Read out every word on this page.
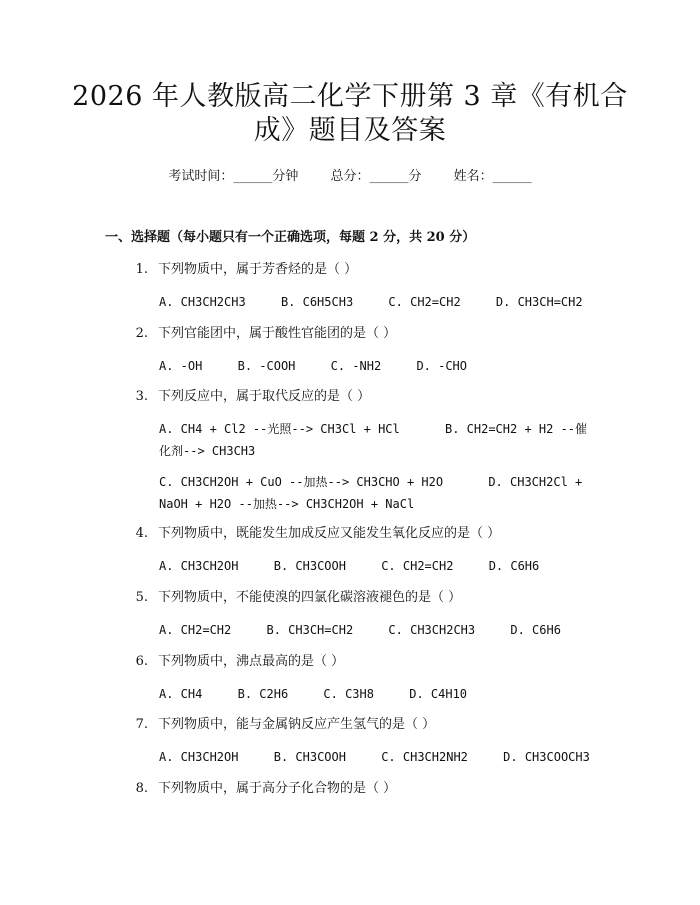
2026 年人教版高二化学下册第 3 章《有机合
成》题目及答案
考试时间：______分钟 总分：______分 姓名：______
一、选择题（每小题只有一个正确选项，每题 2 分，共 20 分）
1. 下列物质中，属于芳香烃的是（ ）
A. CH3CH2CH3	B. C6H5CH3	C. CH2=CH2	D. CH3CH=CH2
2. 下列官能团中，属于酸性官能团的是（ ）
A. -OH	B. -COOH	C. -NH2	D. -CHO
3. 下列反应中，属于取代反应的是（ ）
A. CH4 + Cl2 --光照--> CH3Cl + HCl	B. CH2=CH2 + H2 --催化剂--> CH3CH3
C. CH3CH2OH + CuO --加热--> CH3CHO + H2O	D. CH3CH2Cl + NaOH + H2O --加热--> CH3CH2OH + NaCl
4. 下列物质中，既能发生加成反应又能发生氧化反应的是（ ）
A. CH3CH2OH	B. CH3COOH	C. CH2=CH2	D. C6H6
5. 下列物质中，不能使溴的四氯化碳溶液褪色的是（ ）
A. CH2=CH2	B. CH3CH=CH2	C. CH3CH2CH3	D. C6H6
6. 下列物质中，沸点最高的是（ ）
A. CH4	B. C2H6	C. C3H8	D. C4H10
7. 下列物质中，能与金属钠反应产生氢气的是（ ）
A. CH3CH2OH	B. CH3COOH	C. CH3CH2NH2	D. CH3COOCH3
8. 下列物质中，属于高分子化合物的是（ ）
